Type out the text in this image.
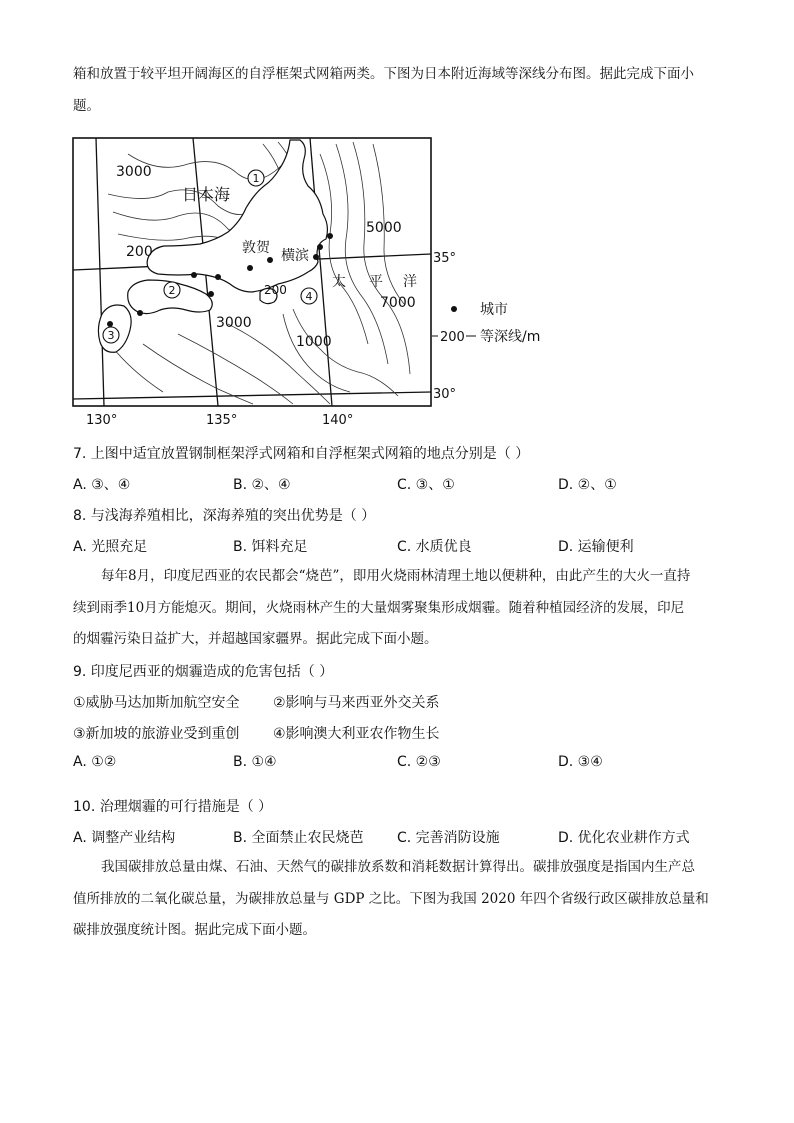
箱和放置于较平坦开阔海区的自浮框架式网箱两类。下图为日本附近海域等深线分布图。据此完成下面小
题。
1
2
3
4
3000
200
5000
7000
3000
1000
200
日本海
敦贺 横滨
太 平 洋
35°
30°
130°	135°	140°
城市
200 等深线/m
7. 上图中适宜放置钢制框架浮式网箱和自浮框架式网箱的地点分别是（ ）
A. ③、④	B. ②、④	C. ③、①	D. ②、①
8. 与浅海养殖相比，深海养殖的突出优势是（ ）
A. 光照充足	B. 饵料充足	C. 水质优良	D. 运输便利
每年8月，印度尼西亚的农民都会“烧芭”，即用火烧雨林清理土地以便耕种，由此产生的大火一直持
续到雨季10月方能熄灭。期间，火烧雨林产生的大量烟雾聚集形成烟霾。随着种植园经济的发展，印尼
的烟霾污染日益扩大，并超越国家疆界。据此完成下面小题。
9. 印度尼西亚的烟霾造成的危害包括（ ）
①威胁马达加斯加航空安全 ②影响与马来西亚外交关系
③新加坡的旅游业受到重创 ④影响澳大利亚农作物生长
A. ①②	B. ①④	C. ②③	D. ③④
10. 治理烟霾的可行措施是（ ）
A. 调整产业结构	B. 全面禁止农民烧芭 C. 完善消防设施	D. 优化农业耕作方式
我国碳排放总量由煤、石油、天然气的碳排放系数和消耗数据计算得出。碳排放强度是指国内生产总
值所排放的二氧化碳总量，为碳排放总量与 GDP 之比。下图为我国 2020 年四个省级行政区碳排放总量和
碳排放强度统计图。据此完成下面小题。
